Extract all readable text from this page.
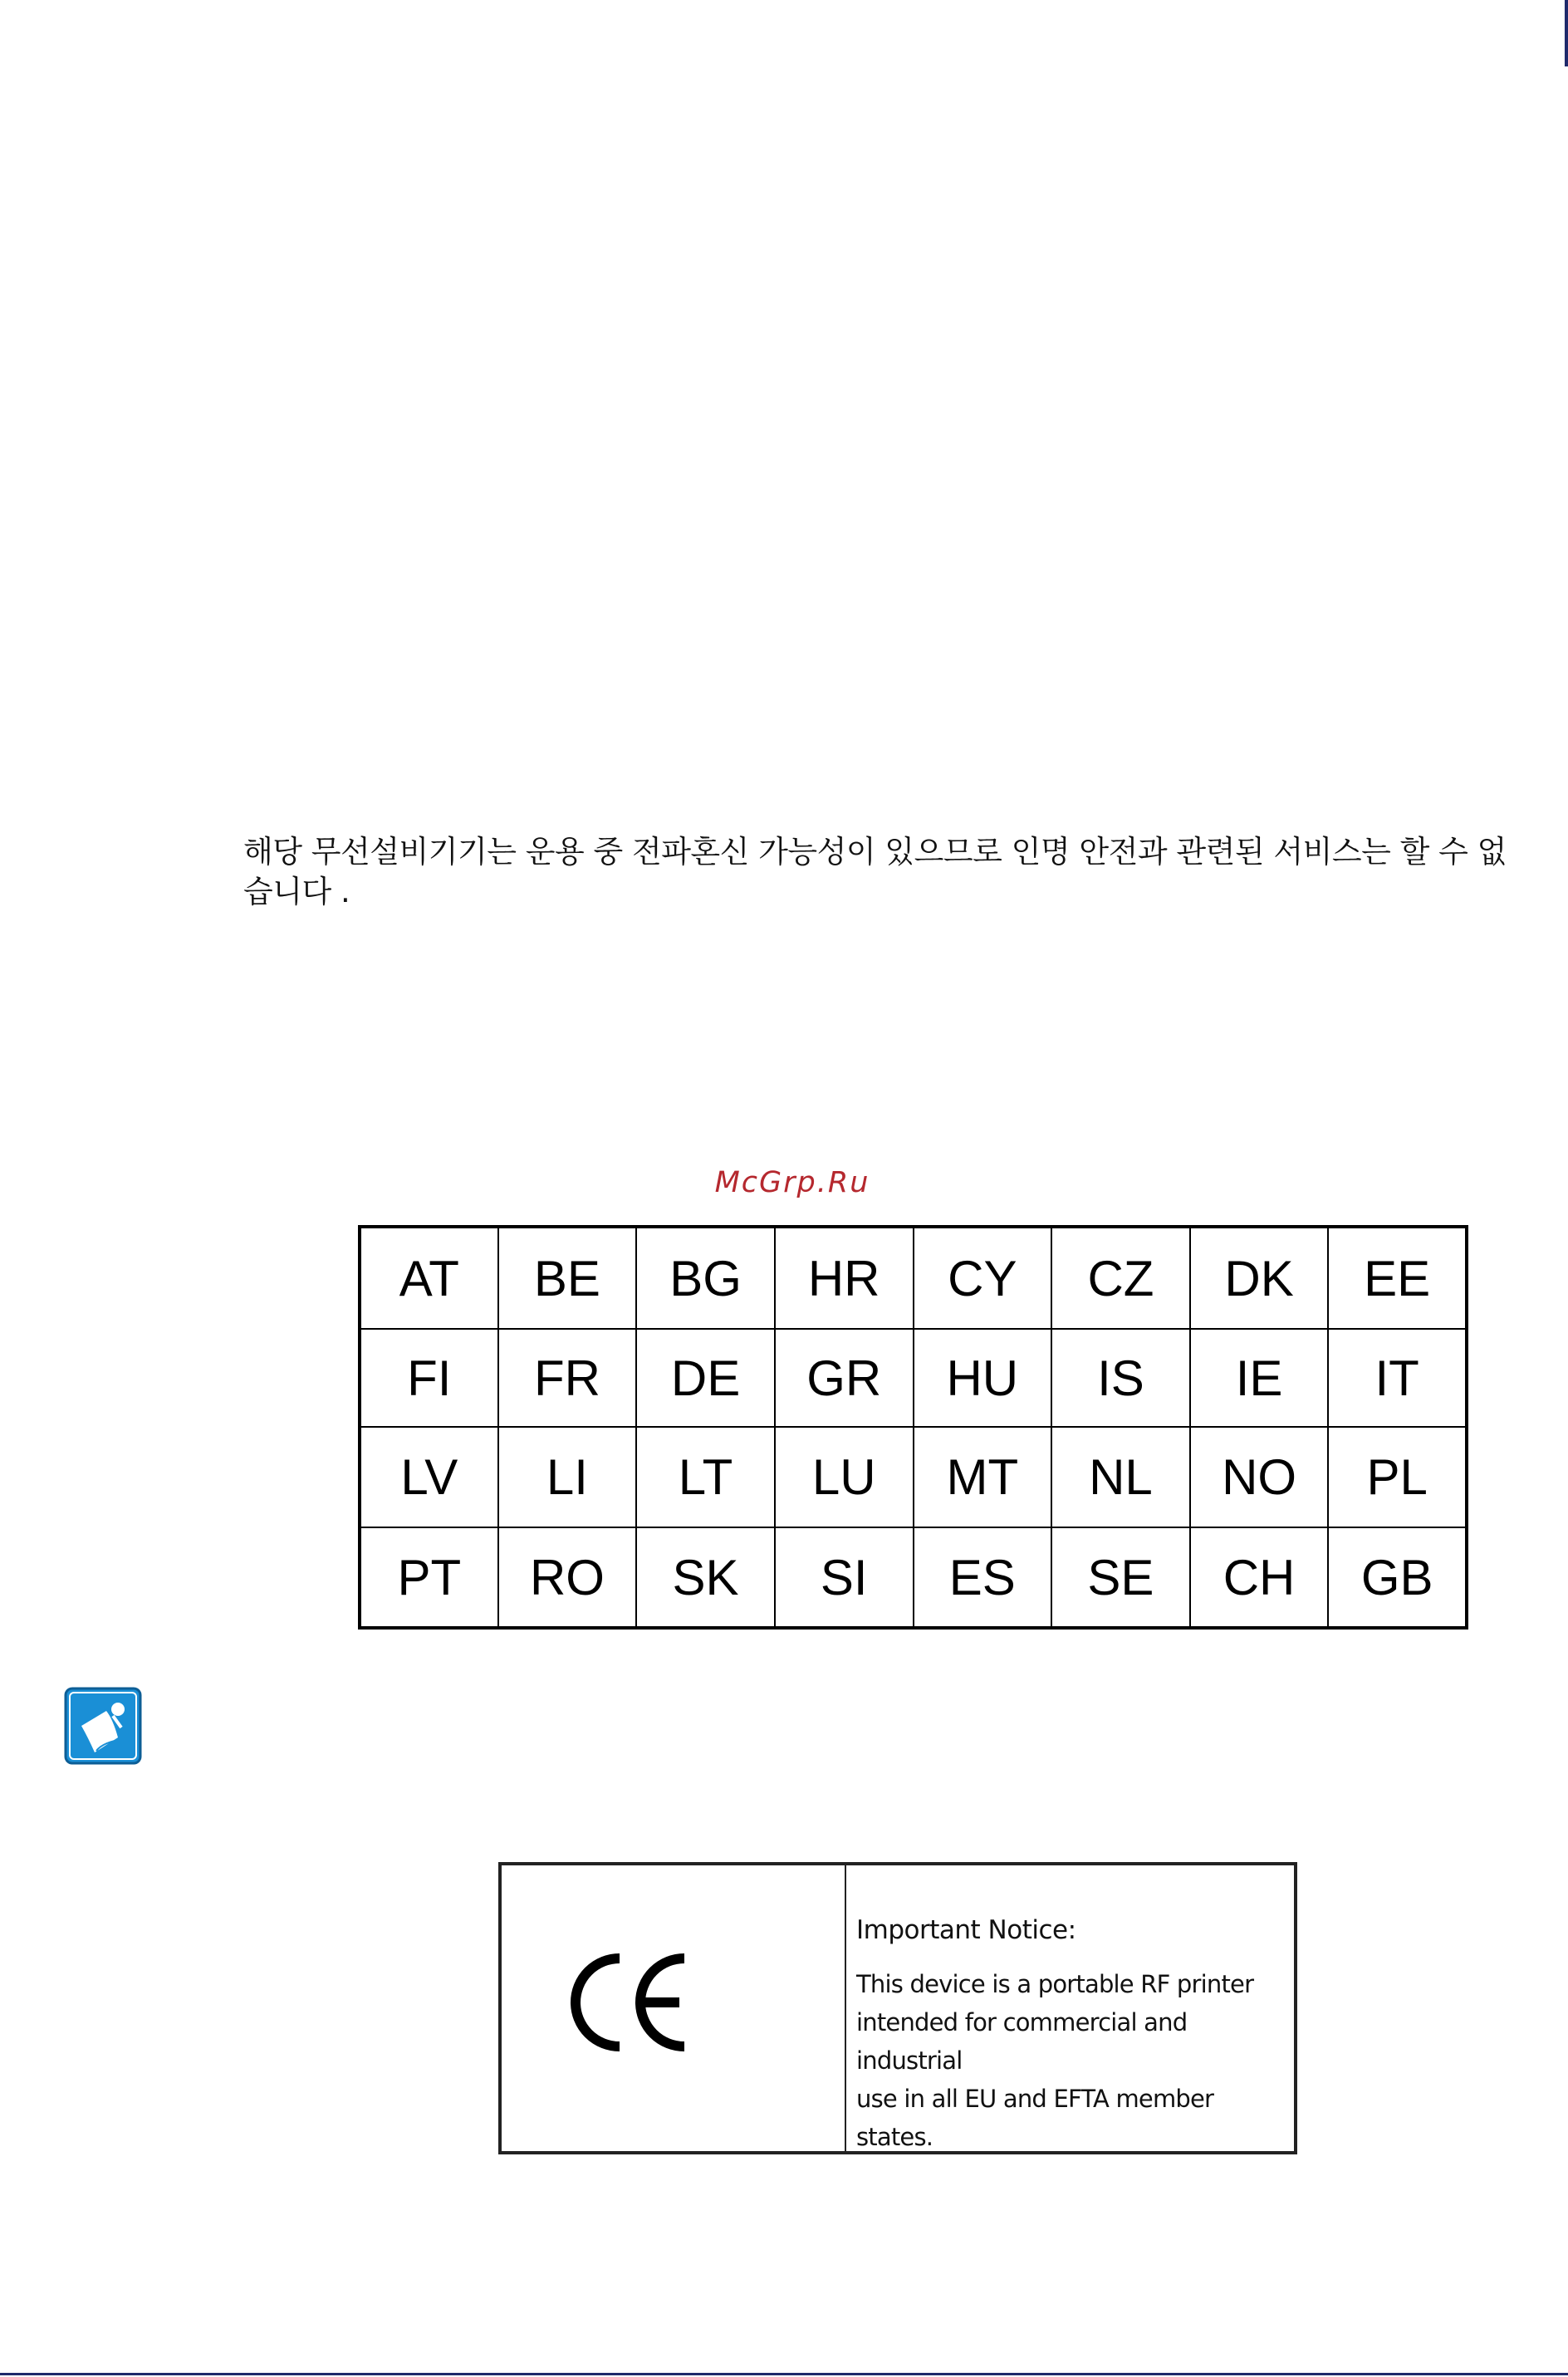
해당 무선설비기기는 운용 중 전파혼신 가능성이 있으므로 인명 안전과 관련된 서비스는 할 수 없습니다 .
McGrp.Ru
AT	BE	BG	HR	CY	CZ	DK	EE
FI	FR	DE	GR	HU	IS	IE	IT
LV	LI	LT	LU	MT	NL	NO	PL
PT	RO	SK	SI	ES	SE	CH	GB
Important Notice:
This device is a portable RF printer
intended for commercial and industrial
use in all EU and EFTA member states.
